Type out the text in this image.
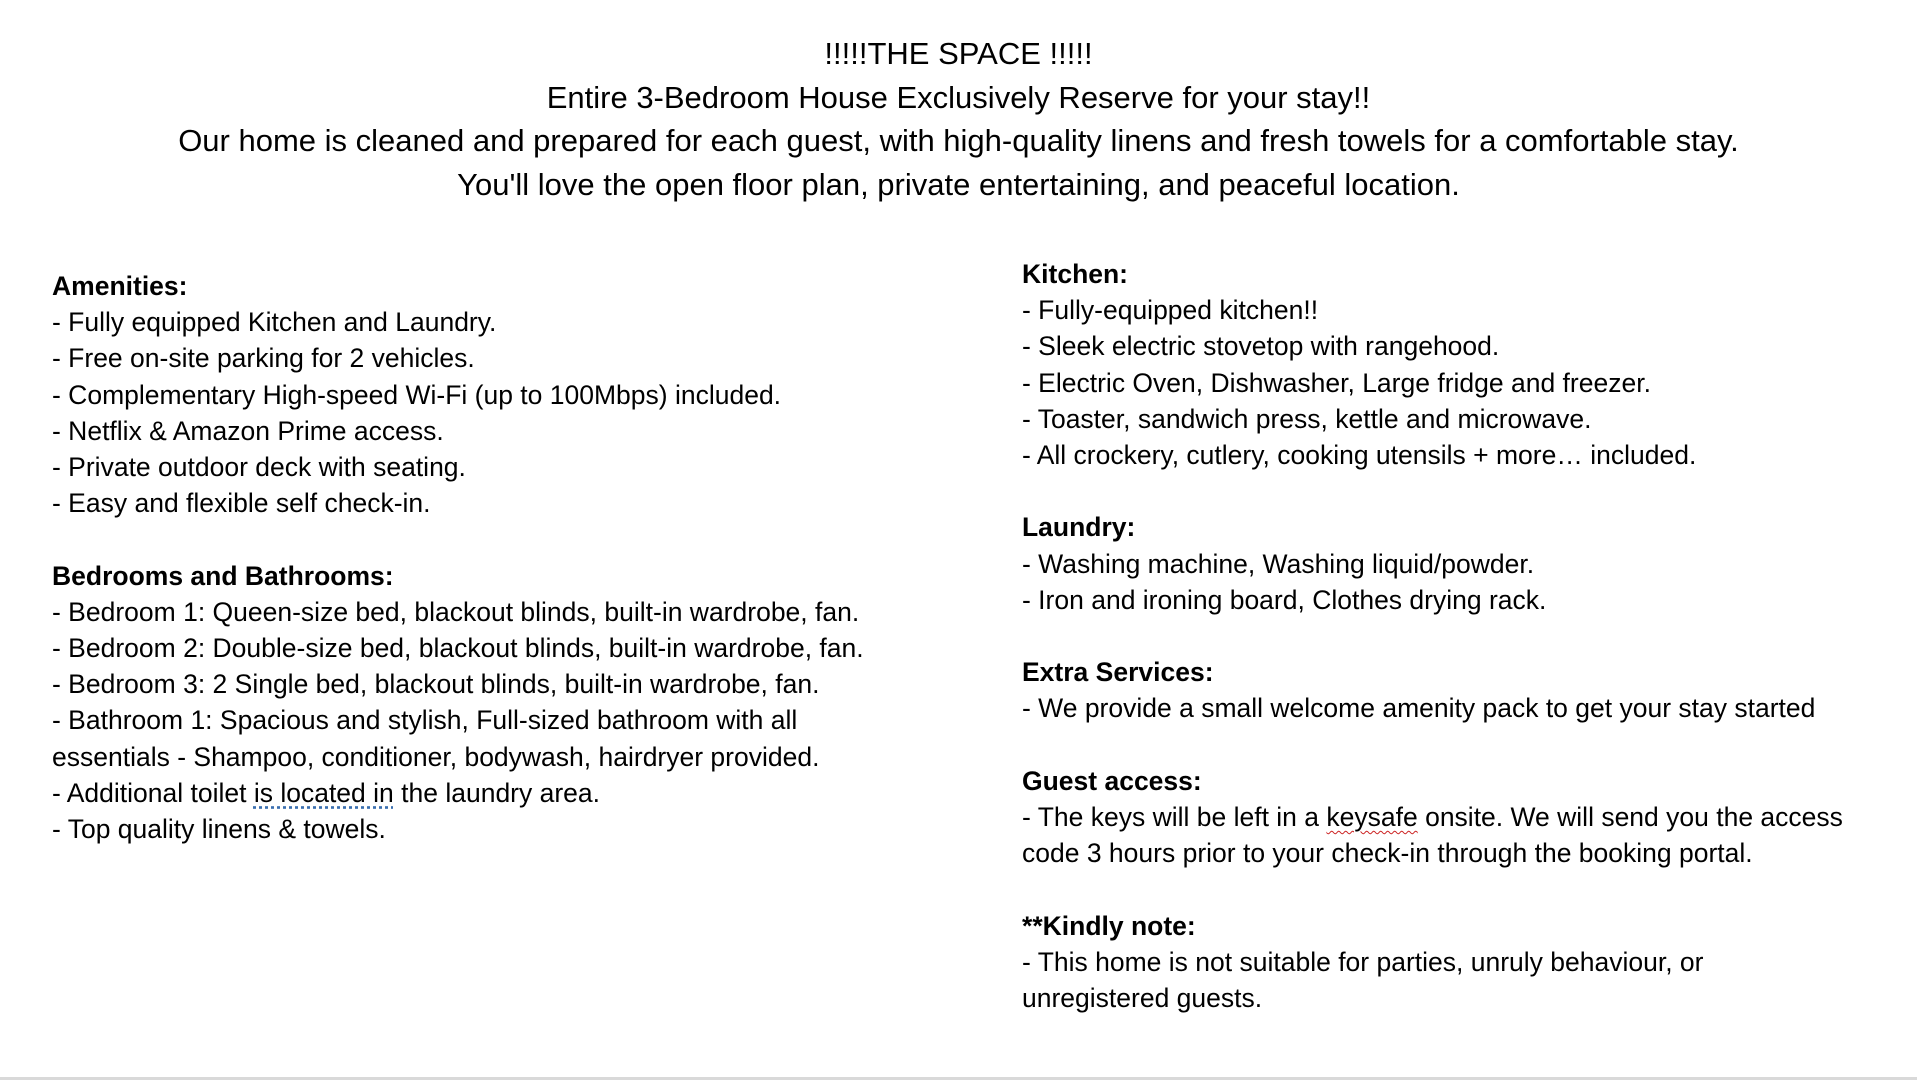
!!!!!THE SPACE !!!!!
Entire 3-Bedroom House Exclusively Reserve for your stay!!
Our home is cleaned and prepared for each guest, with high-quality linens and fresh towels for a comfortable stay.
You'll love the open floor plan, private entertaining, and peaceful location.
Amenities:
- Fully equipped Kitchen and Laundry.
- Free on-site parking for 2 vehicles.
- Complementary High-speed Wi-Fi (up to 100Mbps) included.
- Netflix & Amazon Prime access.
- Private outdoor deck with seating.
- Easy and flexible self check-in.
Bedrooms and Bathrooms:
- Bedroom 1: Queen-size bed, blackout blinds, built-in wardrobe, fan.
- Bedroom 2: Double-size bed, blackout blinds, built-in wardrobe, fan.
- Bedroom 3: 2 Single bed, blackout blinds, built-in wardrobe, fan.
- Bathroom 1: Spacious and stylish, Full-sized bathroom with all
essentials - Shampoo, conditioner, bodywash, hairdryer provided.
- Additional toilet is located in the laundry area.
- Top quality linens & towels.
Kitchen:
- Fully-equipped kitchen!!
- Sleek electric stovetop with rangehood.
- Electric Oven, Dishwasher, Large fridge and freezer.
- Toaster, sandwich press, kettle and microwave.
- All crockery, cutlery, cooking utensils + more… included.
Laundry:
- Washing machine, Washing liquid/powder.
- Iron and ironing board, Clothes drying rack.
Extra Services:
- We provide a small welcome amenity pack to get your stay started
Guest access:
- The keys will be left in a keysafe onsite. We will send you the access
code 3 hours prior to your check-in through the booking portal.
**Kindly note:
- This home is not suitable for parties, unruly behaviour, or
unregistered guests.
